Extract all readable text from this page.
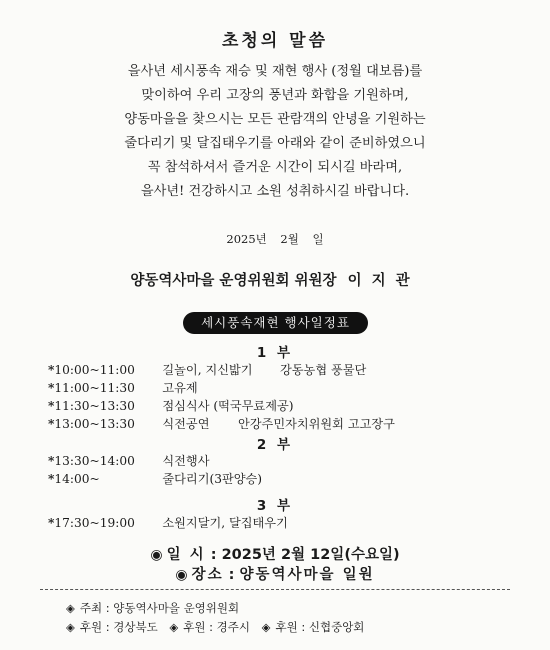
초청의 말씀
을사년 세시풍속 재승 및 재현 행사 (정월 대보름)를
맞이하여 우리 고장의 풍년과 화합을 기원하며,
양동마을을 찾으시는 모든 관람객의 안녕을 기원하는
줄다리기 및 달집태우기를 아래와 같이 준비하였으니
꼭 참석하셔서 즐거운 시간이 되시길 바라며,
을사년! 건강하시고 소원 성취하시길 바랍니다.
2025년 2월 일
양동역사마을 운영위원회 위원장 이지관
세시풍속재현 행사일정표
1 부
*10:00~11:00 길놀이, 지신밟기 강동농협 풍물단
*11:00~11:30 고유제
*11:30~13:30 점심식사 (떡국무료제공)
*13:00~13:30 식전공연 안강주민자치위원회 고고장구
2 부
*13:30~14:00 식전행사
*14:00~	줄다리기(3판양승)
3 부
*17:30~19:00 소원지달기, 달집태우기
◉ 일 시 : 2025년 2월 12일(수요일)
◉ 장소 : 양동역사마을 일원
◈ 주최 : 양동역사마을 운영위원회
◈ 후원 : 경상북도 ◈ 후원 : 경주시 ◈ 후원 : 신협중앙회
